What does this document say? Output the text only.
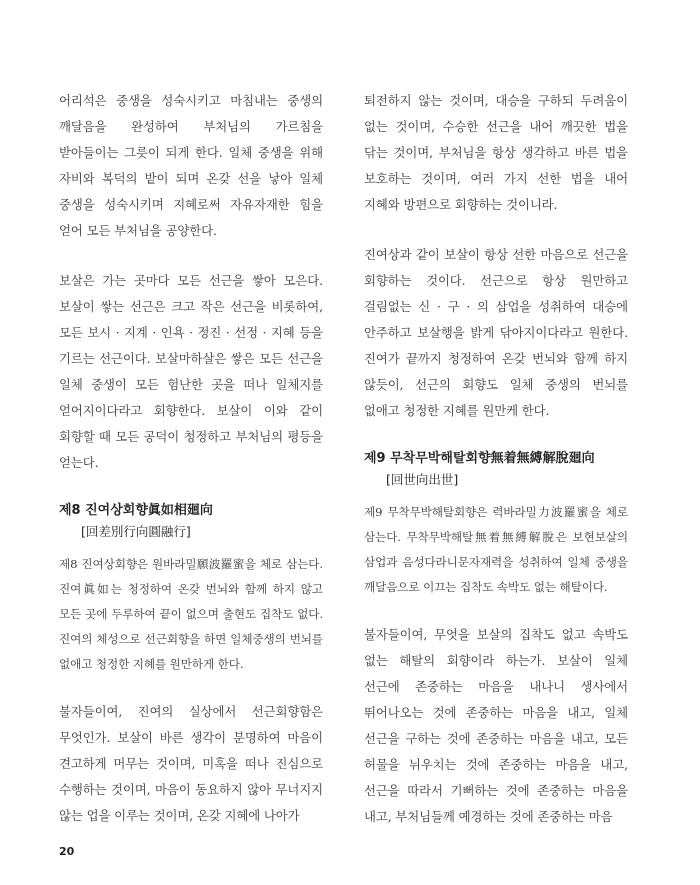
어리석은 중생을 성숙시키고 마침내는 중생의 깨달음을 완성하여 부처님의 가르침을 받아들이는 그릇이 되게 한다. 일체 중생을 위해 자비와 복덕의 밭이 되며 온갖 선을 낳아 일체 중생을 성숙시키며 지혜로써 자유자재한 힘을 얻어 모든 부처님을 공양한다.

보살은 가는 곳마다 모든 선근을 쌓아 모은다. 보살이 쌓는 선근은 크고 작은 선근을 비롯하여, 모든 보시 · 지계 · 인욕 · 정진 · 선정 · 지혜 등을 기르는 선근이다. 보살마하살은 쌓은 모든 선근을 일체 중생이 모든 험난한 곳을 떠나 일체지를 얻어지이다라고 회향한다. 보살이 이와 같이 회향할 때 모든 공덕이 청정하고 부처님의 평등을 얻는다.

제8 진여상회향眞如相廻向
[回差別行向圓融行]

제8 진여상회향은 원바라밀願波羅蜜을 체로 삼는다. 진여眞如는 청정하여 온갖 번뇌와 함께 하지 않고 모든 곳에 두루하여 끝이 없으며 출현도 집착도 없다. 진여의 체성으로 선근회향을 하면 일체중생의 번뇌를 없애고 청정한 지혜를 원만하게 한다.

불자들이여, 진여의 실상에서 선근회향함은 무엇인가. 보살이 바른 생각이 분명하여 마음이 견고하게 머무는 것이며, 미혹을 떠나 진심으로 수행하는 것이며, 마음이 동요하지 않아 무너지지 않는 업을 이루는 것이며, 온갖 지혜에 나아가

퇴전하지 않는 것이며, 대승을 구하되 두려움이 없는 것이며, 수승한 선근을 내어 깨끗한 법을 닦는 것이며, 부처님을 항상 생각하고 바른 법을 보호하는 것이며, 여러 가지 선한 법을 내어 지혜와 방편으로 회향하는 것이니라.

진여상과 같이 보살이 항상 선한 마음으로 선근을 회향하는 것이다. 선근으로 항상 원만하고 걸림없는 신 · 구 · 의 삼업을 성취하여 대승에 안주하고 보살행을 밝게 닦아지이다라고 원한다. 진여가 끝까지 청정하여 온갖 번뇌와 함께 하지 않듯이, 선근의 회향도 일체 중생의 번뇌를 없애고 청정한 지혜를 원만케 한다.

제9 무착무박해탈회향無着無縛解脫廻向
[回世向出世]

제9 무착무박해탈회향은 력바라밀力波羅蜜을 체로 삼는다. 무착무박해탈無着無縛解脫은 보현보살의 삼업과 음성다라니문자재력을 성취하여 일체 중생을 깨달음으로 이끄는 집착도 속박도 없는 해탈이다.

불자들이여, 무엇을 보살의 집착도 없고 속박도 없는 해탈의 회향이라 하는가. 보살이 일체 선근에 존중하는 마음을 내나니 생사에서 뛰어나오는 것에 존중하는 마음을 내고, 일체 선근을 구하는 것에 존중하는 마음을 내고, 모든 허물을 뉘우치는 것에 존중하는 마음을 내고, 선근을 따라서 기뻐하는 것에 존중하는 마음을 내고, 부처님들께 예경하는 것에 존중하는 마음

20
